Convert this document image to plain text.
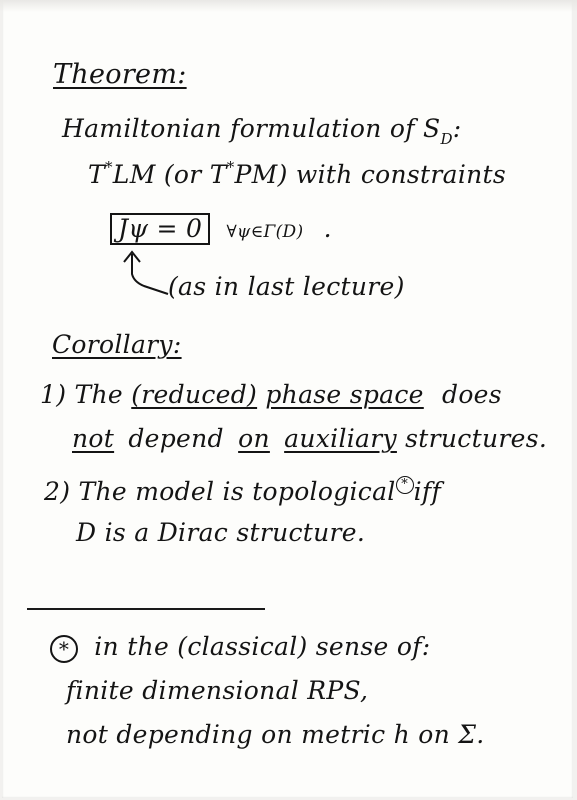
Theorem:
Hamiltonian formulation of $S_D$:
T*LM (or T*PM) with constraints
Jψ = 0 ∀ψ∈Γ(D) .
(as in last lecture)
Corollary:
1) The (reduced) phase space does
not depend on auxiliary structures.
2) The model is topological * iff
D is a Dirac structure.
* in the (classical) sense of:
finite dimensional RPS,
not depending on metric h on Σ.
